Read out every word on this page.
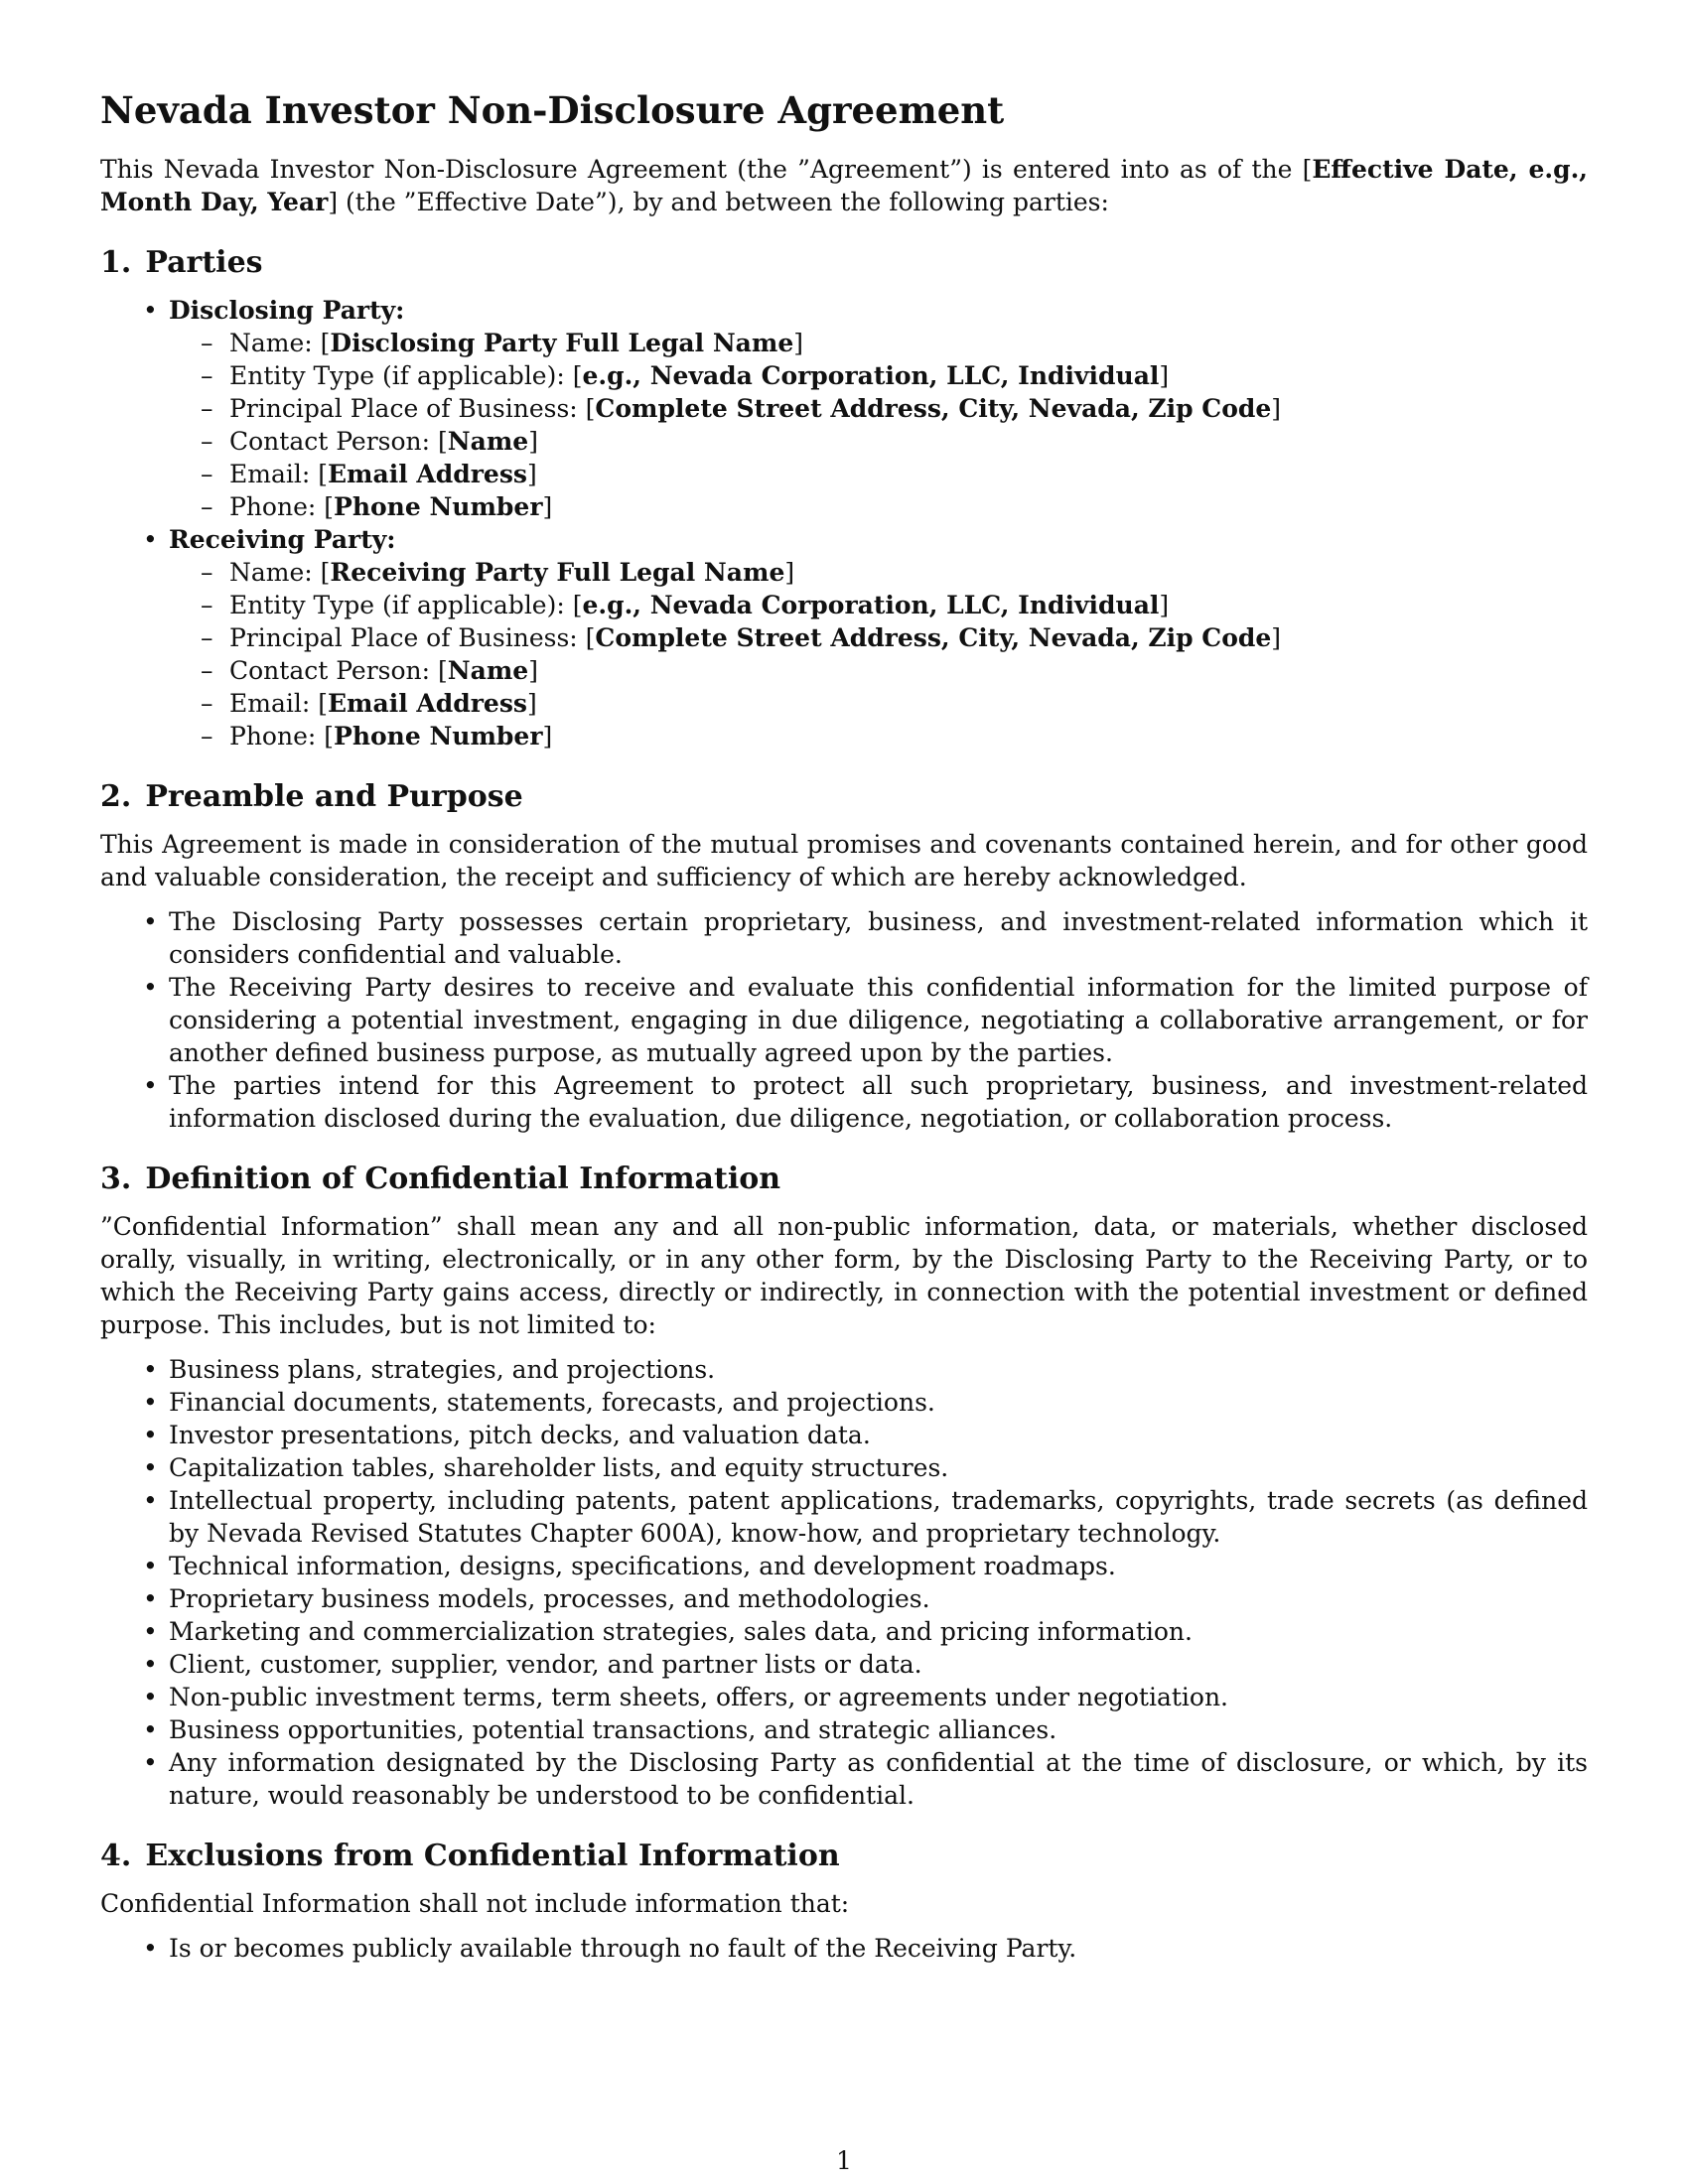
Nevada Investor Non-Disclosure Agreement

This Nevada Investor Non-Disclosure Agreement (the ”Agreement”) is entered into as of the [Effective Date, e.g., Month Day, Year] (the ”Effective Date”), by and between the following parties:

1. Parties
• Disclosing Party:
– Name: [Disclosing Party Full Legal Name]
– Entity Type (if applicable): [e.g., Nevada Corporation, LLC, Individual]
– Principal Place of Business: [Complete Street Address, City, Nevada, Zip Code]
– Contact Person: [Name]
– Email: [Email Address]
– Phone: [Phone Number]
• Receiving Party:
– Name: [Receiving Party Full Legal Name]
– Entity Type (if applicable): [e.g., Nevada Corporation, LLC, Individual]
– Principal Place of Business: [Complete Street Address, City, Nevada, Zip Code]
– Contact Person: [Name]
– Email: [Email Address]
– Phone: [Phone Number]
2. Preamble and Purpose

This Agreement is made in consideration of the mutual promises and covenants contained herein, and for other good and valuable consideration, the receipt and sufficiency of which are hereby acknowledged.

• The Disclosing Party possesses certain proprietary, business, and investment-related information which it considers confidential and valuable.
• The Receiving Party desires to receive and evaluate this confidential information for the limited purpose of considering a potential investment, engaging in due diligence, negotiating a collaborative arrangement, or for another defined business purpose, as mutually agreed upon by the parties.
• The parties intend for this Agreement to protect all such proprietary, business, and investment-related information disclosed during the evaluation, due diligence, negotiation, or collaboration process.
3. Definition of Confidential Information

”Confidential Information” shall mean any and all non-public information, data, or materials, whether disclosed orally, visually, in writing, electronically, or in any other form, by the Disclosing Party to the Receiving Party, or to which the Receiving Party gains access, directly or indirectly, in connection with the potential investment or defined purpose. This includes, but is not limited to:

• Business plans, strategies, and projections.
• Financial documents, statements, forecasts, and projections.
• Investor presentations, pitch decks, and valuation data.
• Capitalization tables, shareholder lists, and equity structures.
• Intellectual property, including patents, patent applications, trademarks, copyrights, trade secrets (as defined by Nevada Revised Statutes Chapter 600A), know-how, and proprietary technology.
• Technical information, designs, specifications, and development roadmaps.
• Proprietary business models, processes, and methodologies.
• Marketing and commercialization strategies, sales data, and pricing information.
• Client, customer, supplier, vendor, and partner lists or data.
• Non-public investment terms, term sheets, offers, or agreements under negotiation.
• Business opportunities, potential transactions, and strategic alliances.
• Any information designated by the Disclosing Party as confidential at the time of disclosure, or which, by its nature, would reasonably be understood to be confidential.
4. Exclusions from Confidential Information

Confidential Information shall not include information that:

• Is or becomes publicly available through no fault of the Receiving Party.
1
